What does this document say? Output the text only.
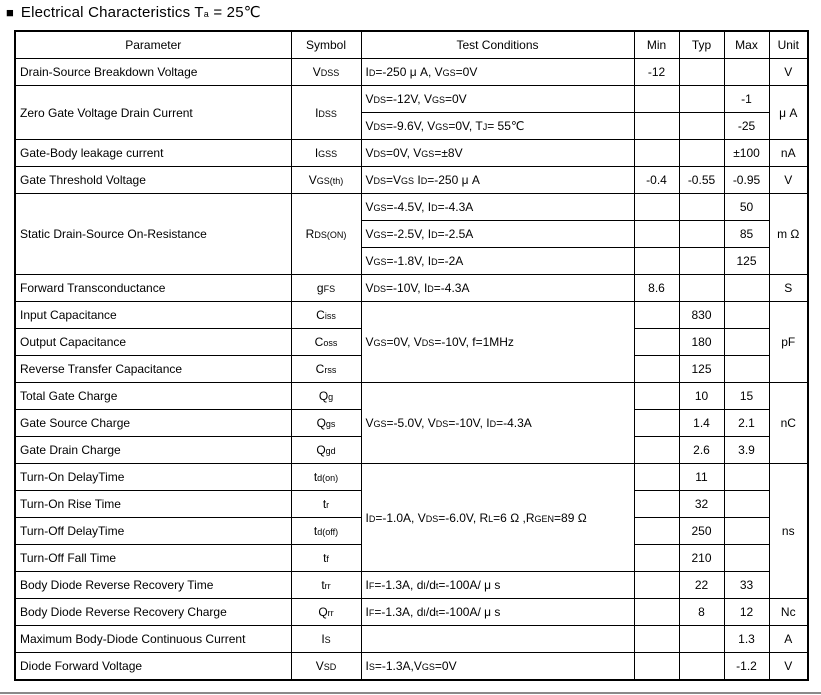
■ Electrical Characteristics Ta = 25℃
Parameter	Symbol	Test Conditions	Min	Typ	Max	Unit
Drain-Source Breakdown Voltage	VDSS	ID=-250 μ A, VGS=0V	-12			V
Zero Gate Voltage Drain Current	IDSS	VDS=-12V, VGS=0V			-1	μ A
		VDS=-9.6V, VGS=0V, TJ= 55℃			-25	
Gate-Body leakage current	IGSS	VDS=0V, VGS=±8V			±100	nA
Gate Threshold Voltage	VGS(th)	VDS=VGS ID=-250 μ A	-0.4	-0.55	-0.95	V
Static Drain-Source On-Resistance	RDS(ON)	VGS=-4.5V, ID=-4.3A			50	m Ω
		VGS=-2.5V, ID=-2.5A			85	
		VGS=-1.8V, ID=-2A			125	
Forward Transconductance	gFS	VDS=-10V, ID=-4.3A	8.6			S
Input Capacitance	Ciss	VGS=0V, VDS=-10V, f=1MHz		830		pF
Output Capacitance	Coss			180		
Reverse Transfer Capacitance	Crss			125		
Total Gate Charge	Qg	VGS=-5.0V, VDS=-10V, ID=-4.3A		10	15	nC
Gate Source Charge	Qgs			1.4	2.1	
Gate Drain Charge	Qgd			2.6	3.9	
Turn-On DelayTime	td(on)	ID=-1.0A, VDS=-6.0V, RL=6 Ω ,RGEN=89 Ω		11		ns
Turn-On Rise Time	tr			32		
Turn-Off DelayTime	td(off)			250		
Turn-Off Fall Time	tf			210		
Body Diode Reverse Recovery Time	trr	IF=-1.3A, dI/dt=-100A/ μ s		22	33	
Body Diode Reverse Recovery Charge	Qrr	IF=-1.3A, dI/dt=-100A/ μ s		8	12	Nc
Maximum Body-Diode Continuous Current	IS				1.3	A
Diode Forward Voltage	VSD	IS=-1.3A,VGS=0V			-1.2	V
